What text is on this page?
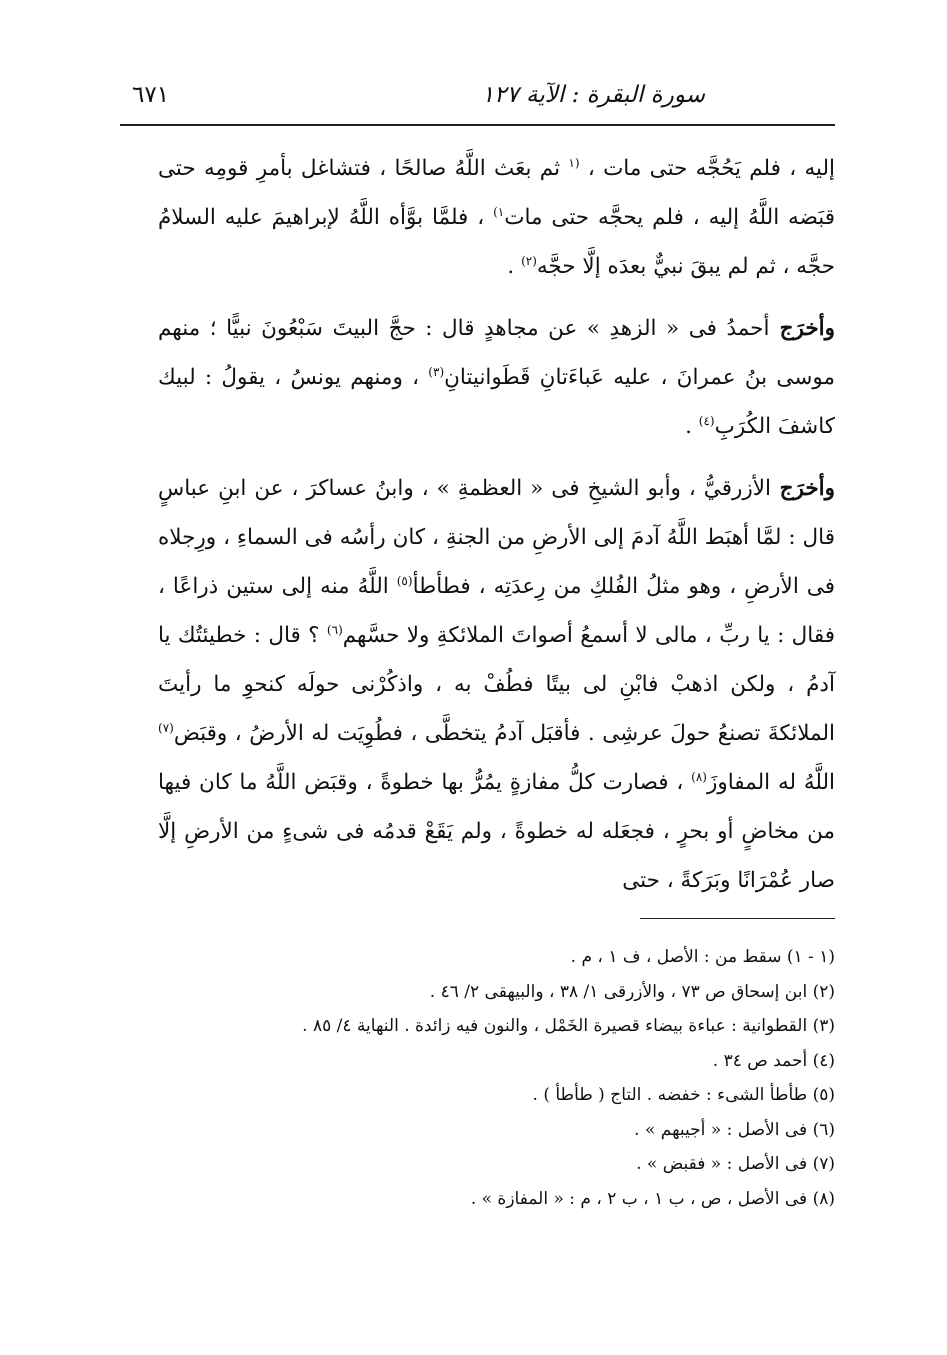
سورة البقرة : الآية ١٢٧
٦٧١

إليه ، فلم يَحُجَّه حتى مات ، $^{(١}$ ثم بعَث اللَّهُ صالحًا ، فتشاغل بأمرِ قومِه حتى قبَضه اللَّهُ إليه ، فلم يحجَّه حتى مات$^{١)}$ ، فلمَّا بوَّأه اللَّهُ لإبراهيمَ عليه السلامُ حجَّه ، ثم لم يبقَ نبيٌّ بعدَه إلَّا حجَّه$^{(٢)}$ .

وأخرَج أحمدُ فى « الزهدِ » عن مجاهدٍ قال : حجَّ البيتَ سَبْعُونَ نبيًّا ؛ منهم موسى بنُ عمرانَ ، عليه عَباءَتانِ قَطَوانيتانِ$^{(٣)}$ ، ومنهم يونسُ ، يقولُ : لبيك كاشفَ الكُرَبِ$^{(٤)}$ .

وأخرَج الأزرقيُّ ، وأبو الشيخِ فى « العظمةِ » ، وابنُ عساكرَ ، عن ابنِ عباسٍ قال : لمَّا أهبَط اللَّهُ آدمَ إلى الأرضِ من الجنةِ ، كان رأسُه فى السماءِ ، ورِجلاه فى الأرضِ ، وهو مثلُ الفُلكِ من رِعدَتِه ، فطأطأ$^{(٥)}$ اللَّهُ منه إلى ستين ذراعًا ، فقال : يا ربِّ ، مالى لا أسمعُ أصواتَ الملائكةِ ولا حسَّهم$^{(٦)}$ ؟ قال : خطيئتُك يا آدمُ ، ولكن اذهبْ فابْنِ لى بيتًا فطُفْ به ، واذكُرْنى حولَه كنحوِ ما رأيتَ الملائكةَ تصنعُ حولَ عرشِى . فأقبَل آدمُ يتخطَّى ، فطُوِيَت له الأرضُ ، وقبَض$^{(٧)}$ اللَّهُ له المفاوزَ$^{(٨)}$ ، فصارت كلُّ مفازةٍ يمُرُّ بها خطوةً ، وقبَض اللَّهُ ما كان فيها من مخاضٍ أو بحرٍ ، فجعَله له خطوةً ، ولم يَقَعْ قدمُه فى شىءٍ من الأرضِ إلَّا صار عُمْرَانًا وبَرَكةً ، حتى

(١ - ١) سقط من : الأصل ، ف ١ ، م .
(٢) ابن إسحاق ص ٧٣ ، والأزرقى ١/ ٣٨ ، والبيهقى ٢/ ٤٦ .
(٣) القطوانية : عباءة بيضاء قصيرة الخَمْل ، والنون فيه زائدة . النهاية ٤/ ٨٥ .
(٤) أحمد ص ٣٤ .
(٥) طأطأ الشىء : خفضه . التاج ( طأطأ ) .
(٦) فى الأصل : « أجيبهم » .
(٧) فى الأصل : « فقبض » .
(٨) فى الأصل ، ص ، ب ١ ، ب ٢ ، م : « المفازة » .
